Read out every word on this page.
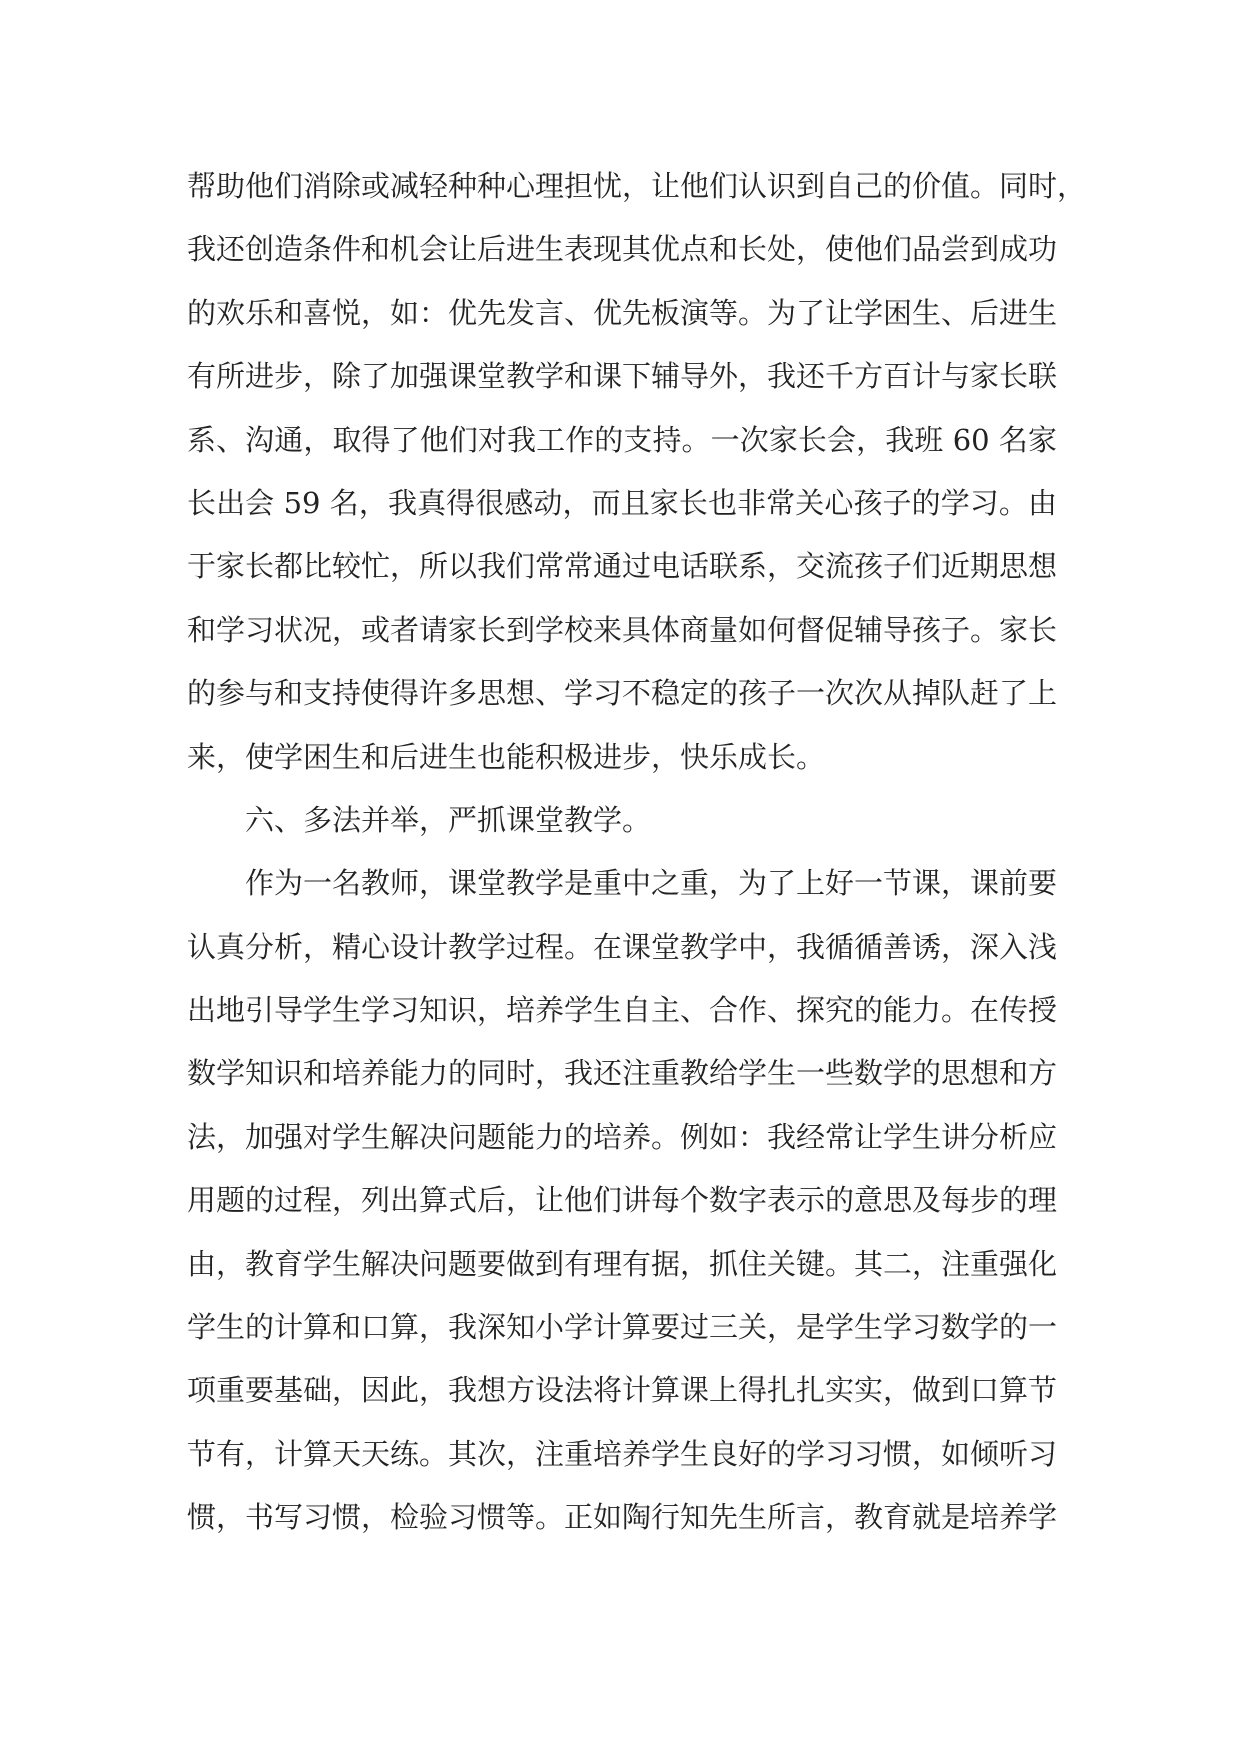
帮助他们消除或减轻种种心理担忧，让他们认识到自己的价值。同时，
我还创造条件和机会让后进生表现其优点和长处，使他们品尝到成功
的欢乐和喜悦，如：优先发言、优先板演等。为了让学困生、后进生
有所进步，除了加强课堂教学和课下辅导外，我还千方百计与家长联
系、沟通，取得了他们对我工作的支持。一次家长会，我班 60 名家
长出会 59 名，我真得很感动，而且家长也非常关心孩子的学习。由
于家长都比较忙，所以我们常常通过电话联系，交流孩子们近期思想
和学习状况，或者请家长到学校来具体商量如何督促辅导孩子。家长
的参与和支持使得许多思想、学习不稳定的孩子一次次从掉队赶了上
来，使学困生和后进生也能积极进步，快乐成长。
六、多法并举，严抓课堂教学。
作为一名教师，课堂教学是重中之重，为了上好一节课，课前要
认真分析，精心设计教学过程。在课堂教学中，我循循善诱，深入浅
出地引导学生学习知识，培养学生自主、合作、探究的能力。在传授
数学知识和培养能力的同时，我还注重教给学生一些数学的思想和方
法，加强对学生解决问题能力的培养。例如：我经常让学生讲分析应
用题的过程，列出算式后，让他们讲每个数字表示的意思及每步的理
由，教育学生解决问题要做到有理有据，抓住关键。其二，注重强化
学生的计算和口算，我深知小学计算要过三关，是学生学习数学的一
项重要基础，因此，我想方设法将计算课上得扎扎实实，做到口算节
节有，计算天天练。其次，注重培养学生良好的学习习惯，如倾听习
惯，书写习惯，检验习惯等。正如陶行知先生所言，教育就是培养学
